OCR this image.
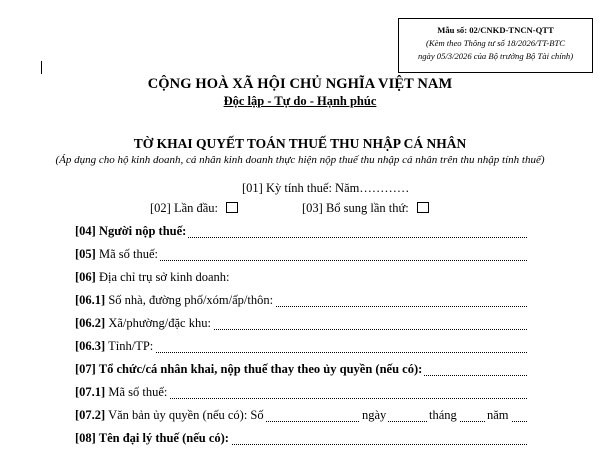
Mẫu số: 02/CNKD-TNCN-QTT
(Kèm theo Thông tư số 18/2026/TT-BTC
ngày 05/3/2026 của Bộ trưởng Bộ Tài chính)
CỘNG HOÀ XÃ HỘI CHỦ NGHĨA VIỆT NAM
Độc lập - Tự do - Hạnh phúc
TỜ KHAI QUYẾT TOÁN THUẾ THU NHẬP CÁ NHÂN
(Áp dụng cho hộ kinh doanh, cá nhân kinh doanh thực hiện nộp thuế thu nhập cá nhân trên thu nhập tính thuế)
[01] Kỳ tính thuế: Năm…………
[02] Lần đầu:	[03] Bổ sung lần thứ:
[04] Người nộp thuế:
[05] Mã số thuế:
[06] Địa chỉ trụ sở kinh doanh:
[06.1] Số nhà, đường phố/xóm/ấp/thôn:
[06.2] Xã/phường/đặc khu:
[06.3] Tỉnh/TP:
[07] Tổ chức/cá nhân khai, nộp thuế thay theo ủy quyền (nếu có):
[07.1] Mã số thuế:
[07.2] Văn bản ủy quyền (nếu có): Số	ngày	tháng năm
[08] Tên đại lý thuế (nếu có):
